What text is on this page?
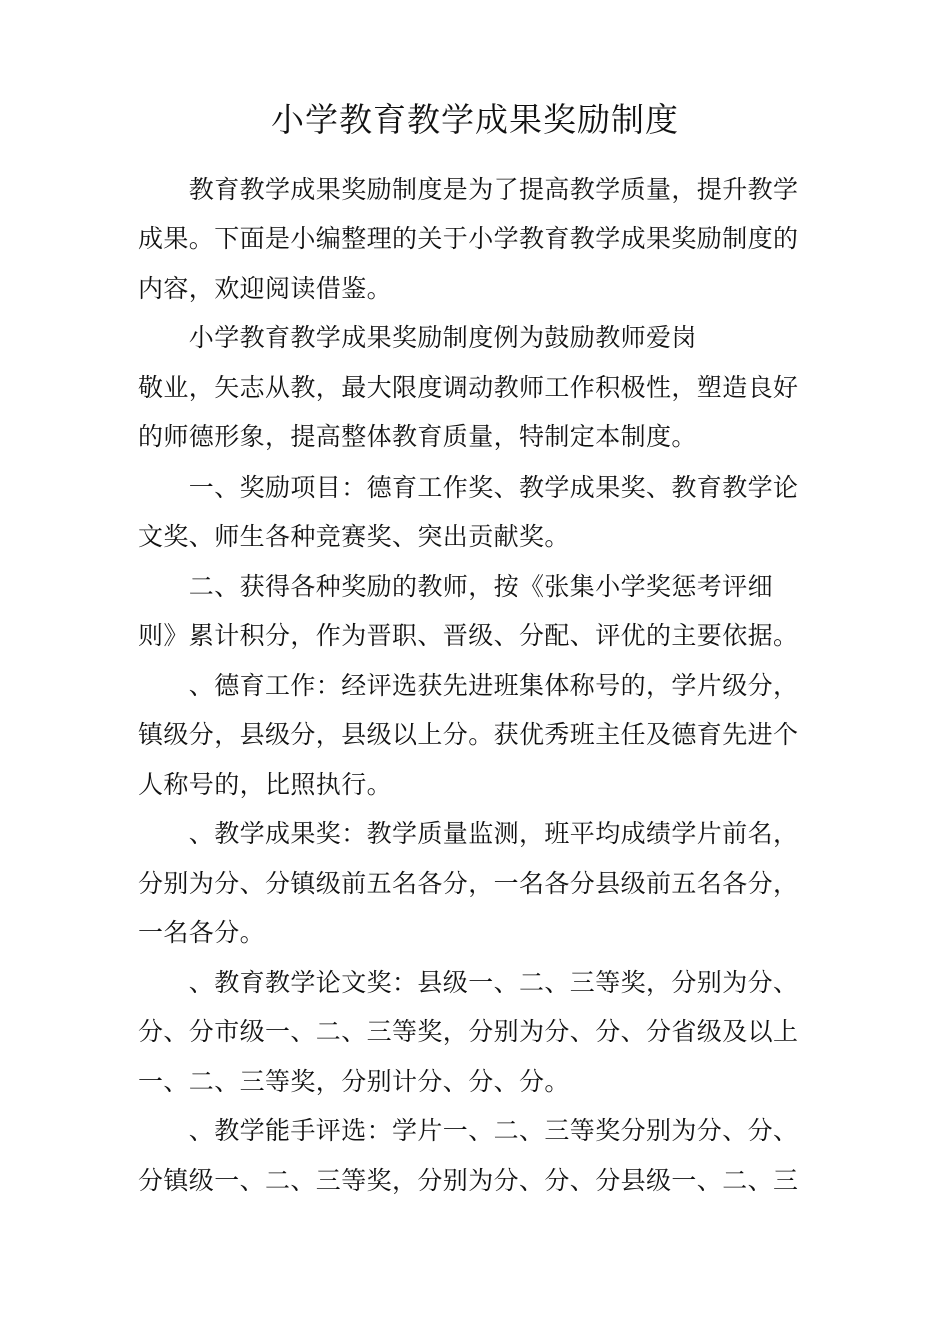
小学教育教学成果奖励制度
　　教育教学成果奖励制度是为了提高教学质量，提升教学
成果。下面是小编整理的关于小学教育教学成果奖励制度的
内容，欢迎阅读借鉴。
　　小学教育教学成果奖励制度例为鼓励教师爱岗
敬业，矢志从教，最大限度调动教师工作积极性，塑造良好
的师德形象，提高整体教育质量，特制定本制度。
　　一、奖励项目：德育工作奖、教学成果奖、教育教学论
文奖、师生各种竞赛奖、突出贡献奖。
　　二、获得各种奖励的教师，按《张集小学奖惩考评细
则》累计积分，作为晋职、晋级、分配、评优的主要依据。
　　、德育工作：经评选获先进班集体称号的，学片级分，
镇级分，县级分，县级以上分。获优秀班主任及德育先进个
人称号的，比照执行。
　　、教学成果奖：教学质量监测，班平均成绩学片前名，
分别为分、分镇级前五名各分，一名各分县级前五名各分，
一名各分。
　　、教育教学论文奖：县级一、二、三等奖，分别为分、
分、分市级一、二、三等奖，分别为分、分、分省级及以上
一、二、三等奖，分别计分、分、分。
　　、教学能手评选：学片一、二、三等奖分别为分、分、
分镇级一、二、三等奖，分别为分、分、分县级一、二、三
